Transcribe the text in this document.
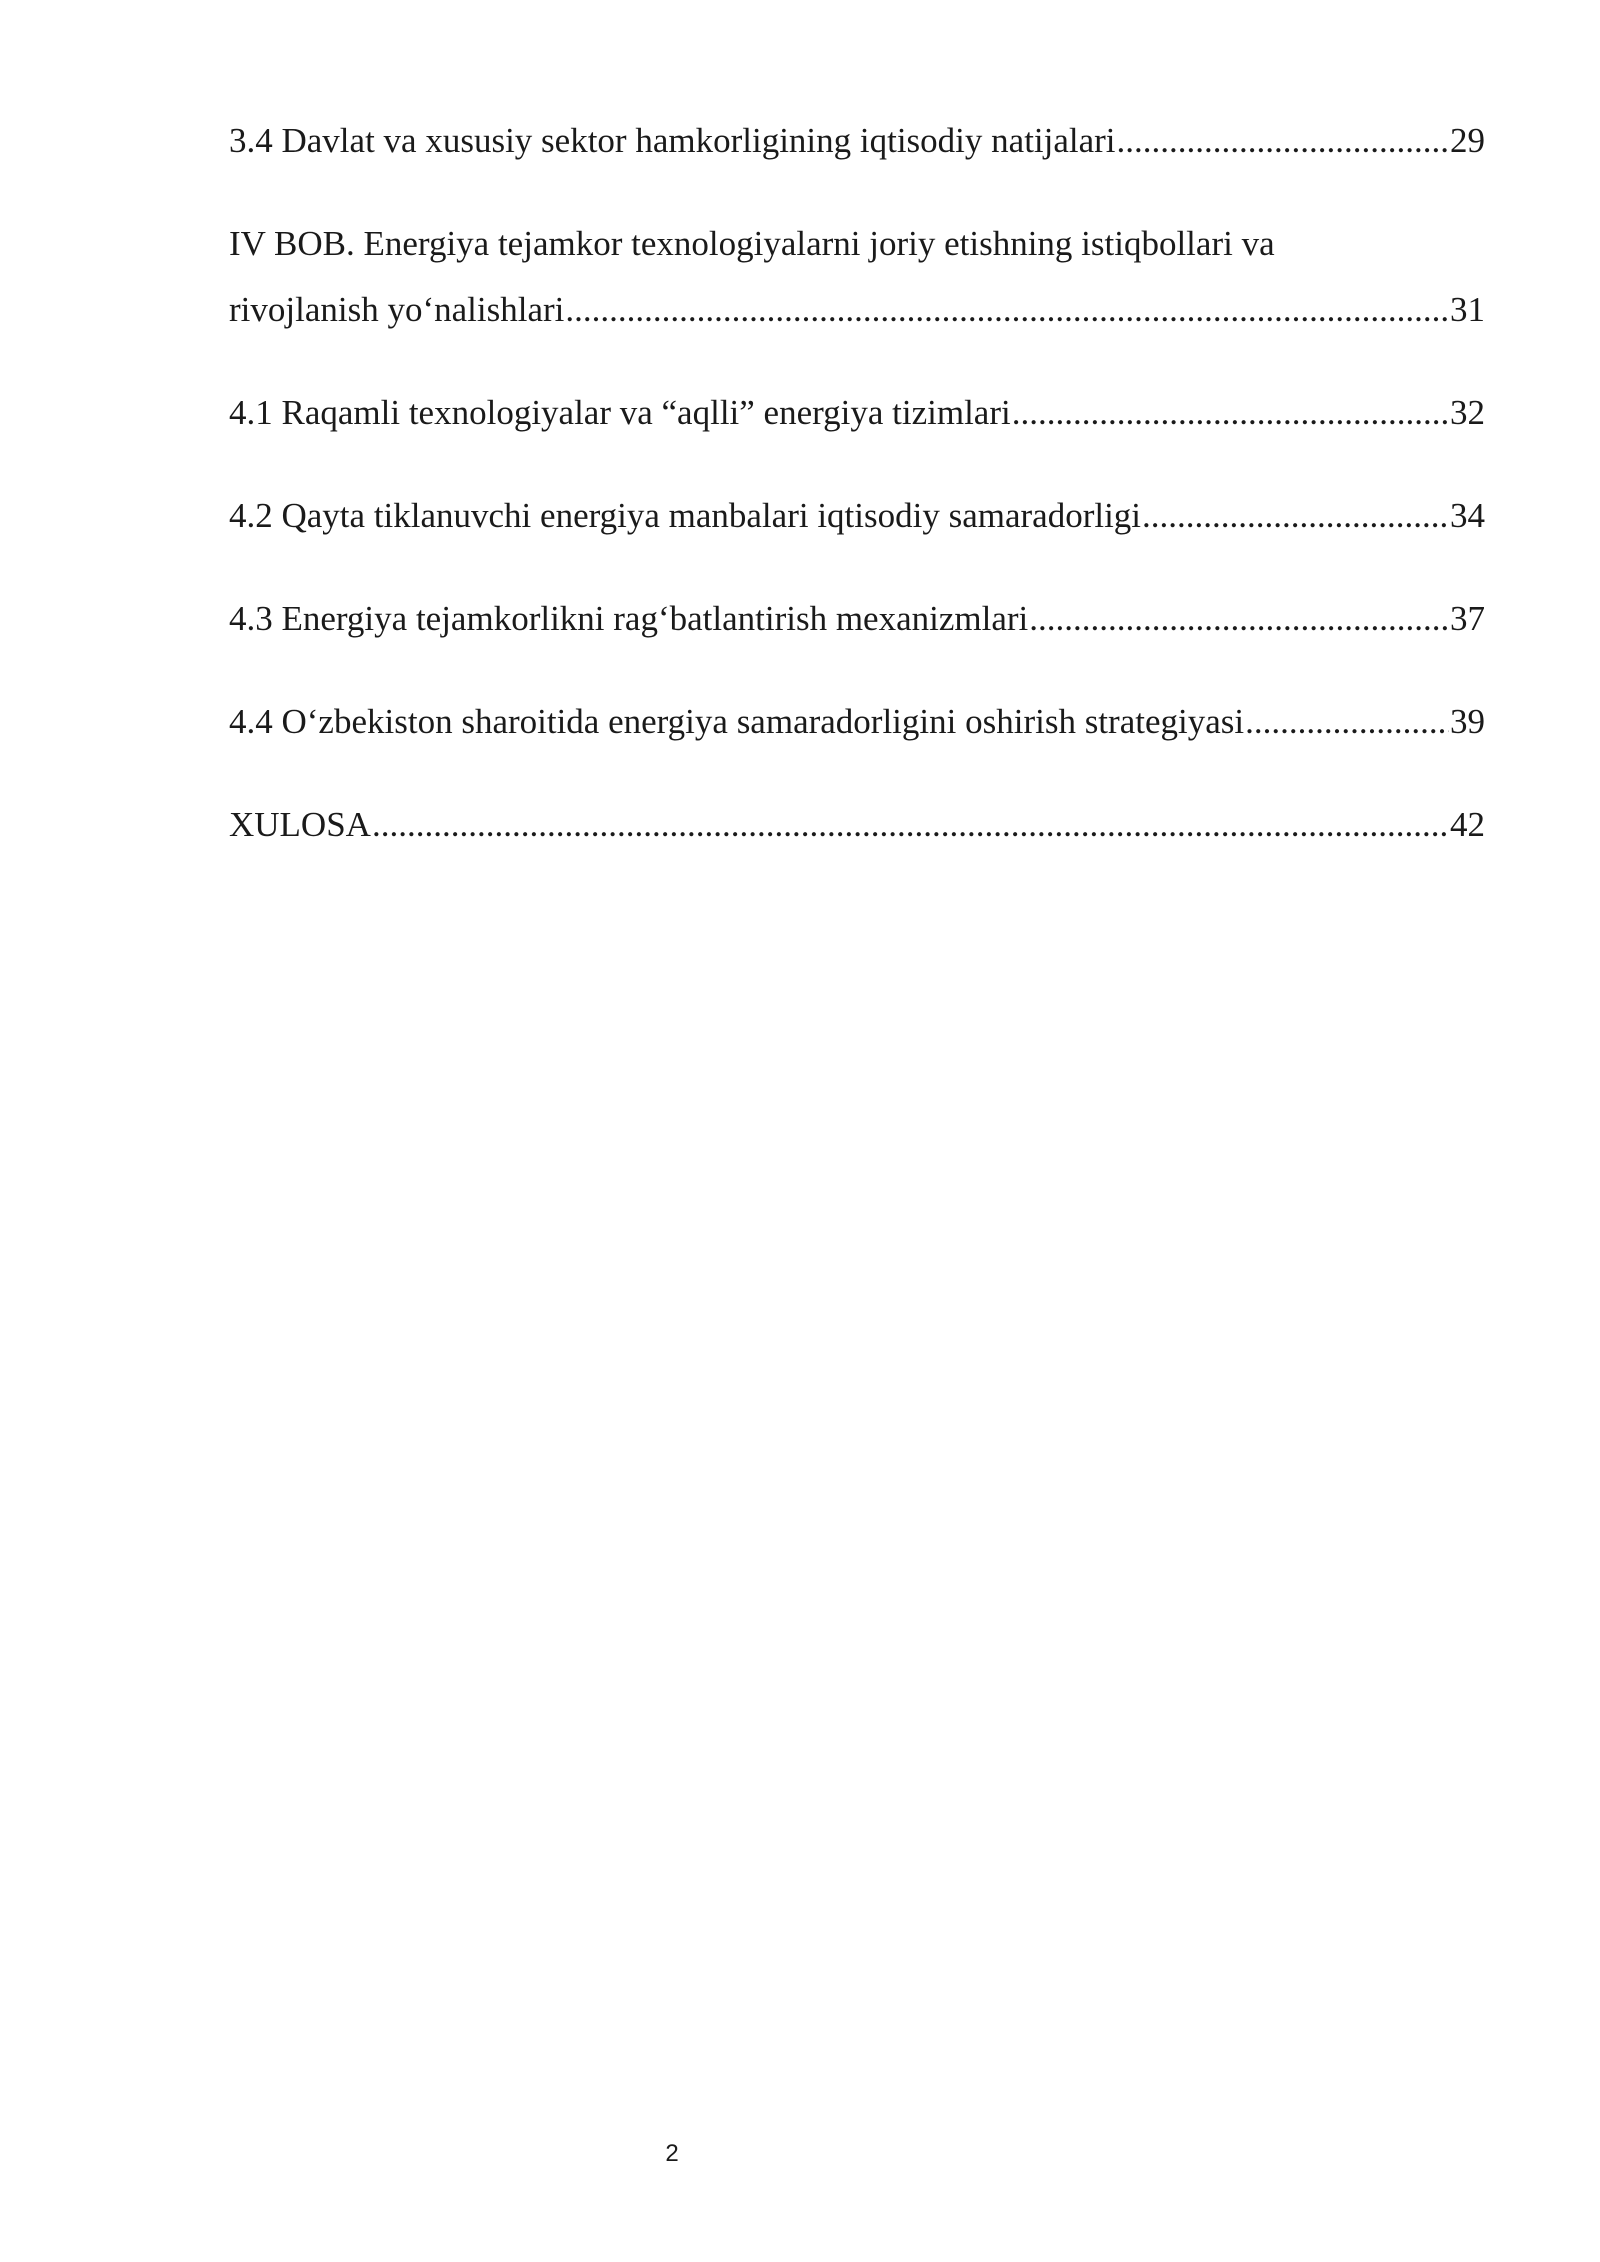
3.4 Davlat va xususiy sektor hamkorligining iqtisodiy natijalari .....	29
IV BOB. Energiya tejamkor texnologiyalarni joriy etishning istiqbollari va
rivojlanish yo‘nalishlari .....	31
4.1 Raqamli texnologiyalar va “aqlli” energiya tizimlari .....	32
4.2 Qayta tiklanuvchi energiya manbalari iqtisodiy samaradorligi .....	34
4.3 Energiya tejamkorlikni rag‘batlantirish mexanizmlari .....	37
4.4 O‘zbekiston sharoitida energiya samaradorligini oshirish strategiyasi .....	39
XULOSA .....	42
2
